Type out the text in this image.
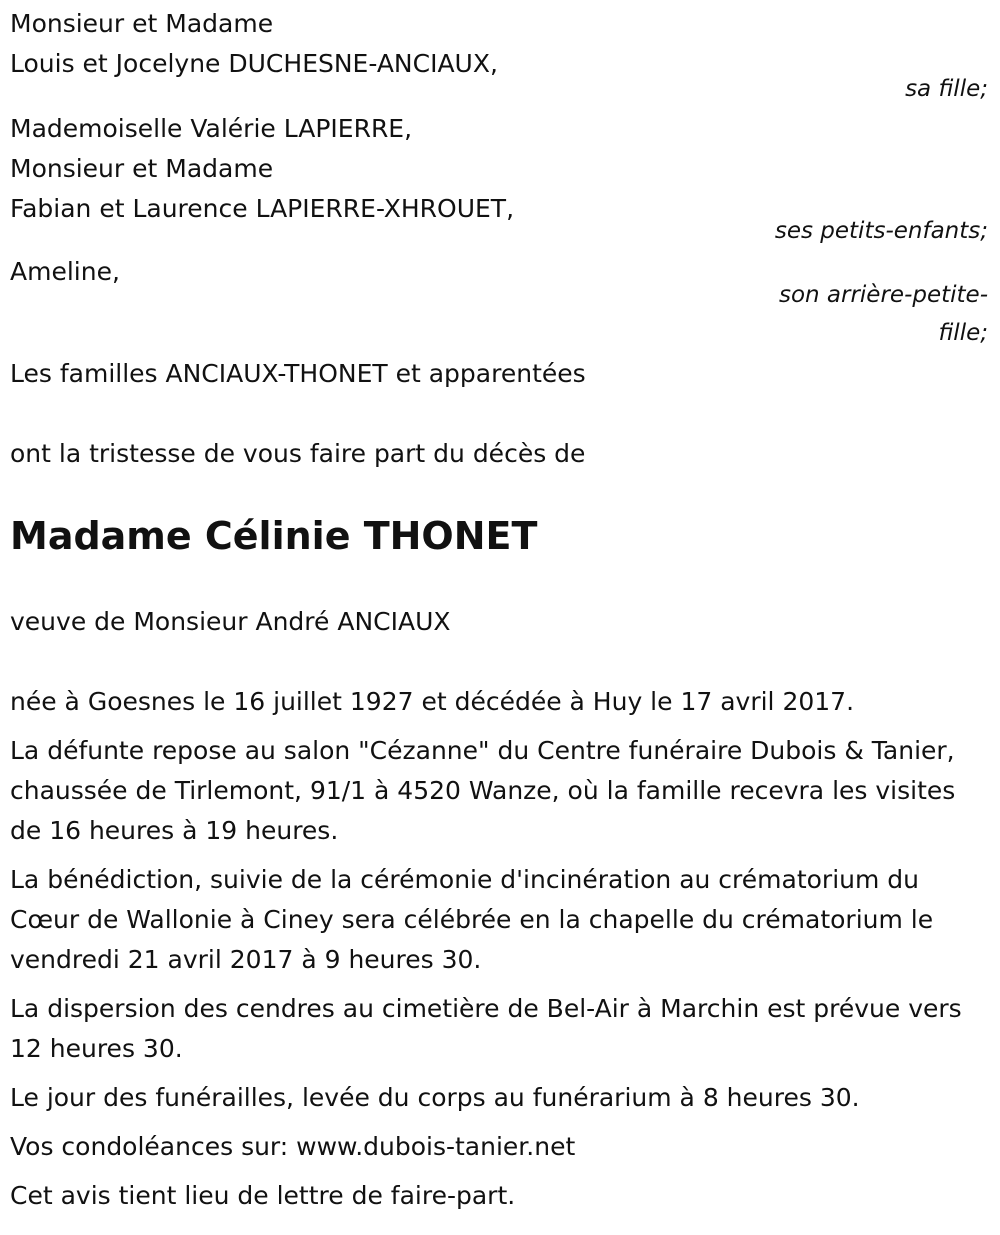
Monsieur et Madame
Louis et Jocelyne DUCHESNE-ANCIAUX,
sa fille;
Mademoiselle Valérie LAPIERRE,
Monsieur et Madame
Fabian et Laurence LAPIERRE-XHROUET,
ses petits-enfants;
Ameline,
son arrière-petite-
fille;
Les familles ANCIAUX-THONET et apparentées
ont la tristesse de vous faire part du décès de
Madame Célinie THONET
veuve de Monsieur André ANCIAUX

née à Goesnes le 16 juillet 1927 et décédée à Huy le 17 avril 2017.

La défunte repose au salon "Cézanne" du Centre funéraire Dubois & Tanier, chaussée de Tirlemont, 91/1 à 4520 Wanze, où la famille recevra les visites de 16 heures à 19 heures.

La bénédiction, suivie de la cérémonie d'incinération au crématorium du Cœur de Wallonie à Ciney sera célébrée en la chapelle du crématorium le vendredi 21 avril 2017 à 9 heures 30.

La dispersion des cendres au cimetière de Bel-Air à Marchin est prévue vers 12 heures 30.

Le jour des funérailles, levée du corps au funérarium à 8 heures 30.

Vos condoléances sur: www.dubois-tanier.net

Cet avis tient lieu de lettre de faire-part.
